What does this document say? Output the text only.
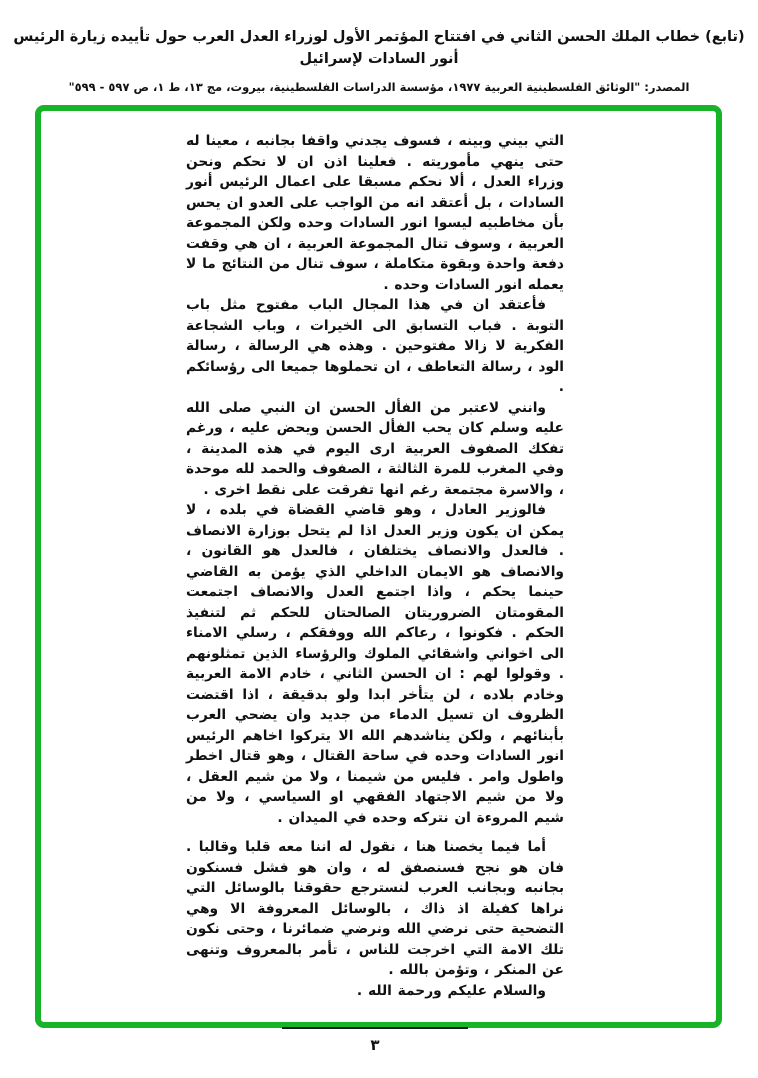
(تابع) خطاب الملك الحسن الثاني في افتتاح المؤتمر الأول لوزراء العدل العرب حول تأييده زيارة الرئيس أنور السادات لإسرائيل
المصدر: "الوثائق الفلسطينية العربية ١٩٧٧، مؤسسة الدراسات الفلسطينية، بيروت، مج ١٣، ط ١، ص ٥٩٧ - ٥٩٩"

التي بيني وبينه ، فسوف يجدني واقفا بجانبه ، معينا له حتى ينهي مأموريته . فعلينا اذن ان لا نحكم ونحن وزراء العدل ، ألا نحكم مسبقا على اعمال الرئيس أنور السادات ، بل أعتقد انه من الواجب على العدو ان يحس بأن مخاطبيه ليسوا انور السادات وحده ولكن المجموعة العربية ، وسوف تنال المجموعة العربية ، ان هي وقفت دفعة واحدة وبقوة متكاملة ، سوف تنال من النتائج ما لا يعمله انور السادات وحده .

فأعتقد ان في هذا المجال الباب مفتوح مثل باب التوبة . فباب التسابق الى الخيرات ، وباب الشجاعة الفكرية لا زالا مفتوحين . وهذه هي الرسالة ، رسالة الود ، رسالة التعاطف ، ان تحملوها جميعا الى رؤسائكم .

وانني لاعتبر من الفأل الحسن ان النبي صلى الله عليه وسلم كان يحب الفأل الحسن ويحض عليه ، ورغم تفكك الصفوف العربية ارى اليوم في هذه المدينة ، وفي المغرب للمرة الثالثة ، الصفوف والحمد لله موحدة ، والاسرة مجتمعة رغم انها تفرقت على نقط اخرى .

فالوزير العادل ، وهو قاضي القضاة في بلده ، لا يمكن ان يكون وزير العدل اذا لم يتحل بوزارة الانصاف . فالعدل والانصاف يختلفان ، فالعدل هو القانون ، والانصاف هو الايمان الداخلي الذي يؤمن به القاضي حينما يحكم ، واذا اجتمع العدل والانصاف اجتمعت المقومتان الضروريتان الصالحتان للحكم ثم لتنفيذ الحكم . فكونوا ، رعاكم الله ووفقكم ، رسلي الامناء الى اخواني واشقائي الملوك والرؤساء الذين تمثلونهم . وقولوا لهم : ان الحسن الثاني ، خادم الامة العربية وخادم بلاده ، لن يتأخر ابدا ولو بدقيقة ، اذا اقتضت الظروف ان تسيل الدماء من جديد وان يضحي العرب بأبنائهم ، ولكن يناشدهم الله الا يتركوا اخاهم الرئيس انور السادات وحده في ساحة القتال ، وهو قتال اخطر واطول وامر . فليس من شيمنا ، ولا من شيم العقل ، ولا من شيم الاجتهاد الفقهي او السياسي ، ولا من شيم المروءة ان نتركه وحده في الميدان .

أما فيما يخصنا هنا ، نقول له اننا معه قلبا وقالبا . فان هو نجح فسنصفق له ، وان هو فشل فسنكون بجانبه وبجانب العرب لنسترجع حقوقنا بالوسائل التي نراها كفيلة اذ ذاك ، بالوسائل المعروفة الا وهي التضحية حتى نرضي الله ونرضي ضمائرنا ، وحتى نكون تلك الامة التي اخرجت للناس ، تأمر بالمعروف وتنهى عن المنكر ، وتؤمن بالله .

والسلام عليكم ورحمة الله .

٣
